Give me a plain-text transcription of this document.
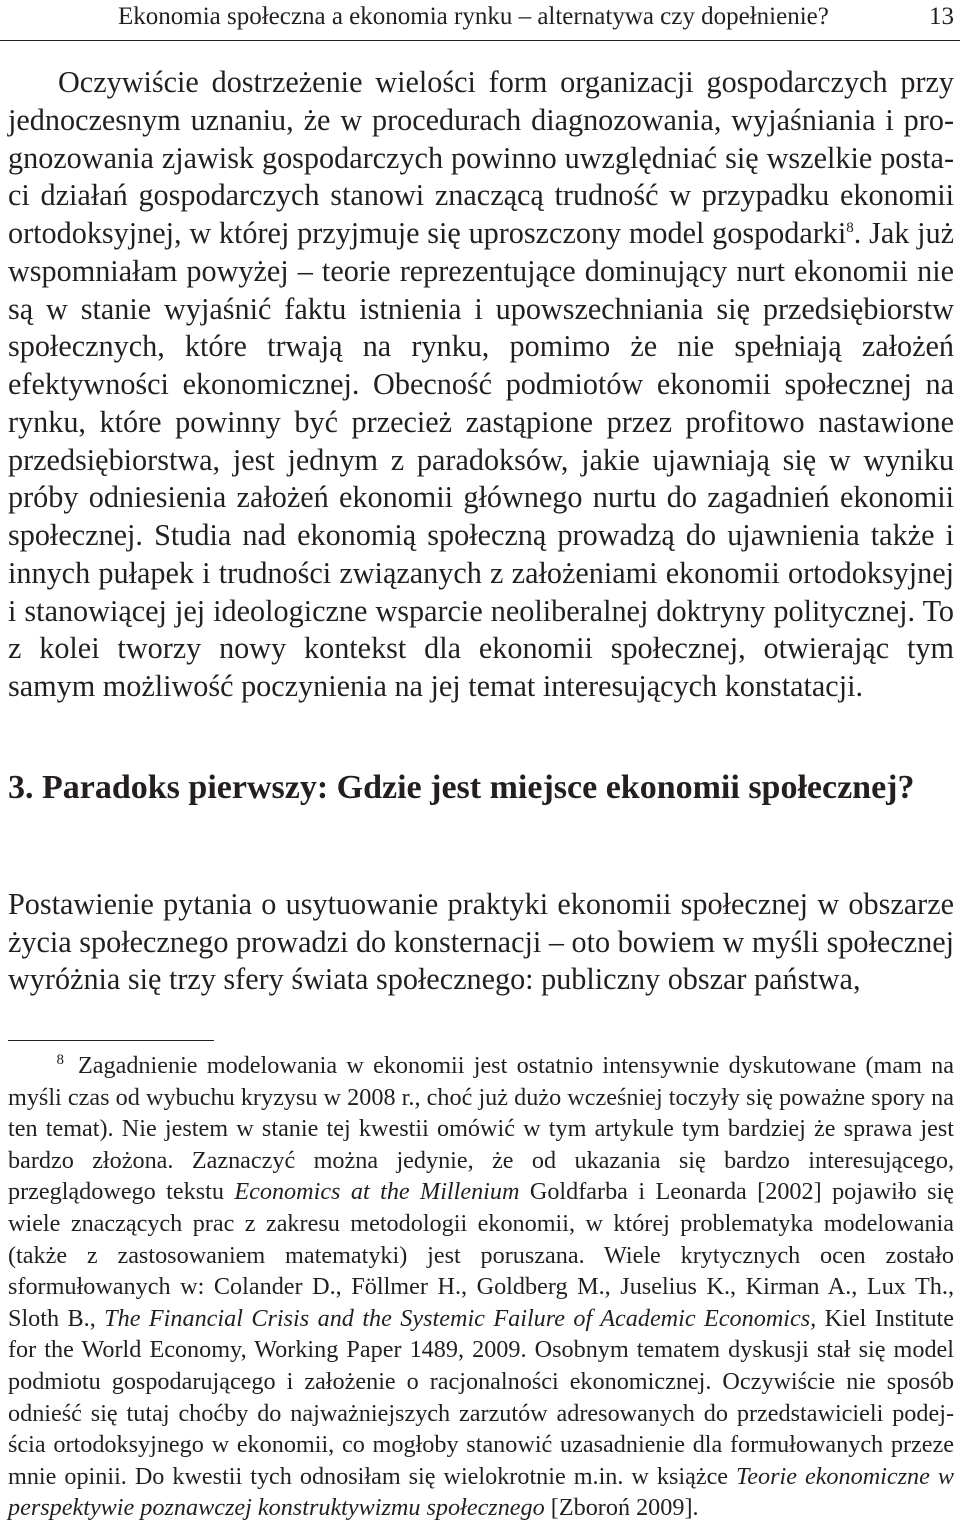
Ekonomia społeczna a ekonomia rynku – alternatywa czy dopełnienie?	13
Oczywiście dostrzeżenie wielości form organizacji gospodarczych przy jednoczesnym uznaniu, że w procedurach diagnozowania, wyjaśniania i prognozowania zjawisk gospodarczych powinno uwzględniać się wszelkie postaci działań gospodarczych stanowi znaczącą trudność w przypadku ekonomii ortodoksyjnej, w której przyjmuje się uproszczony model gospodarki$^8$. Jak już wspomniałam powyżej – teorie reprezentujące dominujący nurt ekonomii nie są w stanie wyjaśnić faktu istnienia i upowszechniania się przedsiębiorstw społecznych, które trwają na rynku, pomimo że nie spełniają założeń efektywności ekonomicznej. Obecność podmiotów ekonomii społecznej na rynku, które powinny być przecież zastąpione przez profitowo nastawione przedsiębiorstwa, jest jednym z paradoksów, jakie ujawniają się w wyniku próby odniesienia założeń ekonomii głównego nurtu do zagadnień ekonomii społecznej. Studia nad ekonomią społeczną prowadzą do ujawnienia także i innych pułapek i trudności związanych z założeniami ekonomii ortodoksyjnej i stanowiącej jej ideologiczne wsparcie neoliberalnej doktryny politycznej. To z kolei tworzy nowy kontekst dla ekonomii społecznej, otwierając tym samym możliwość poczynienia na jej temat interesujących konstatacji.
3. Paradoks pierwszy: Gdzie jest miejsce ekonomii społecznej?
Postawienie pytania o usytuowanie praktyki ekonomii społecznej w obszarze życia społecznego prowadzi do konsternacji – oto bowiem w myśli społecznej wyróżnia się trzy sfery świata społecznego: publiczny obszar państwa,
8 Zagadnienie modelowania w ekonomii jest ostatnio intensywnie dyskutowane (mam na myśli czas od wybuchu kryzysu w 2008 r., choć już dużo wcześniej toczyły się poważne spory na ten temat). Nie jestem w stanie tej kwestii omówić w tym artykule tym bardziej że sprawa jest bardzo złożona. Zaznaczyć można jedynie, że od ukazania się bardzo interesującego, przeglądowego tekstu Economics at the Millenium Goldfarba i Leonarda [2002] pojawiło się wiele znaczących prac z zakresu metodologii ekonomii, w której problematyka modelowania (także z zastosowaniem matematyki) jest poruszana. Wiele krytycznych ocen zostało sformułowanych w: Colander D., Föllmer H., Goldberg M., Juselius K., Kirman A., Lux Th., Sloth B., The Financial Crisis and the Systemic Failure of Academic Economics, Kiel Institute for the World Economy, Working Paper 1489, 2009. Osobnym tematem dyskusji stał się model podmiotu gospodarującego i założenie o racjonalności ekonomicznej. Oczywiście nie sposób odnieść się tutaj choćby do najważniejszych zarzutów adresowanych do przedstawicieli podejścia ortodoksyjnego w ekonomii, co mogłoby stanowić uzasadnienie dla formułowanych przeze mnie opinii. Do kwestii tych odnosiłam się wielokrotnie m.in. w książce Teorie ekonomiczne w perspektywie poznawczej konstruktywizmu społecznego [Zboroń 2009].
